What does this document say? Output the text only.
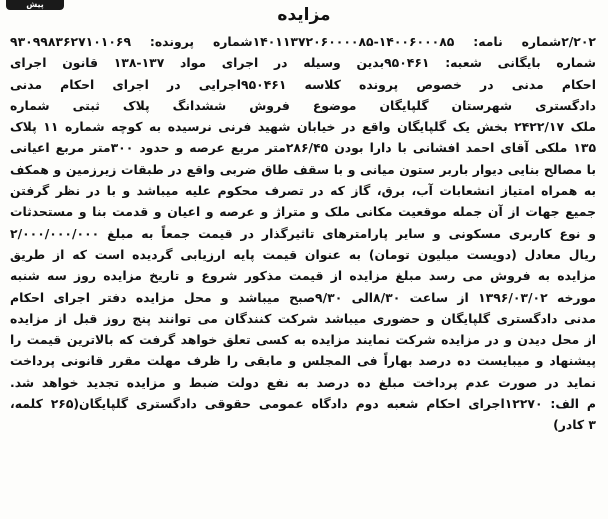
پیش
مزایده
۲/۲۰۲شماره نامه: ۱۴۰۰۶۰۰۰۸۵-۱۴۰۱۱۳۷۲۰۶۰۰۰۰۸۵شماره پرونده: ۹۳۰۹۹۸۳۶۲۷۱۰۱۰۶۹
شماره بایگانی شعبه: ۹۵۰۴۶۱بدین وسیله در اجرای مواد ۱۳۷-۱۳۸ قانون اجرای
احکام مدنی در خصوص پرونده کلاسه ۹۵۰۴۶۱اجرایی در اجرای احکام مدنی
دادگستری شهرستان گلپایگان موضوع فروش ششدانگ پلاک ثبتی شماره
ملک ۲۴۲۲/۱۷ بخش یک گلپایگان واقع در خیابان شهید فرنی نرسیده به کوچه شماره ۱۱ پلاک
۱۳۵ ملکی آقای احمد افشانی با دارا بودن ۲۸۶/۴۵متر مربع عرصه و حدود ۳۰۰متر مربع اعیانی
با مصالح بنایی دیوار باربر ستون میانی و با سقف طاق ضربی واقع در طبقات زیرزمین و همکف
به همراه امتیاز انشعابات آب، برق، گاز که در تصرف محکوم علیه میباشد و با در نظر گرفتن
جمیع جهات از آن جمله موقعیت مکانی ملک و متراژ و عرصه و اعیان و قدمت بنا و مستحدثات
و نوع کاربری مسکونی و سایر پارامترهای تاثیرگذار در قیمت جمعاً به مبلغ ۲/۰۰۰/۰۰۰/۰۰۰
ریال معادل (دویست میلیون تومان) به عنوان قیمت پایه ارزیابی گردیده است که از طریق
مزایده به فروش می رسد مبلغ مزایده از قیمت مذکور شروع و تاریخ مزایده روز سه شنبه
مورخه ۱۳۹۶/۰۳/۰۲ از ساعت ۸/۳۰الی ۹/۳۰صبح میباشد و محل مزایده دفتر اجرای احکام
مدنی دادگستری گلپایگان و حضوری میباشد شرکت کنندگان می توانند پنج روز قبل از مزایده
از محل دیدن و در مزایده شرکت نمایند مزایده به کسی تعلق خواهد گرفت که بالاترین قیمت را
پیشنهاد و میبایست ده درصد بهاراً فی المجلس و مابقی را ظرف مهلت مقرر قانونی پرداخت
نماید در صورت عدم پرداخت مبلغ ده درصد به نفع دولت ضبط و مزایده تجدید خواهد شد.
م الف: ۱۲۲۷۰اجرای احکام شعبه دوم دادگاه عمومی حقوقی دادگستری گلپایگان(۲۶۵ کلمه،
۳ کادر)
